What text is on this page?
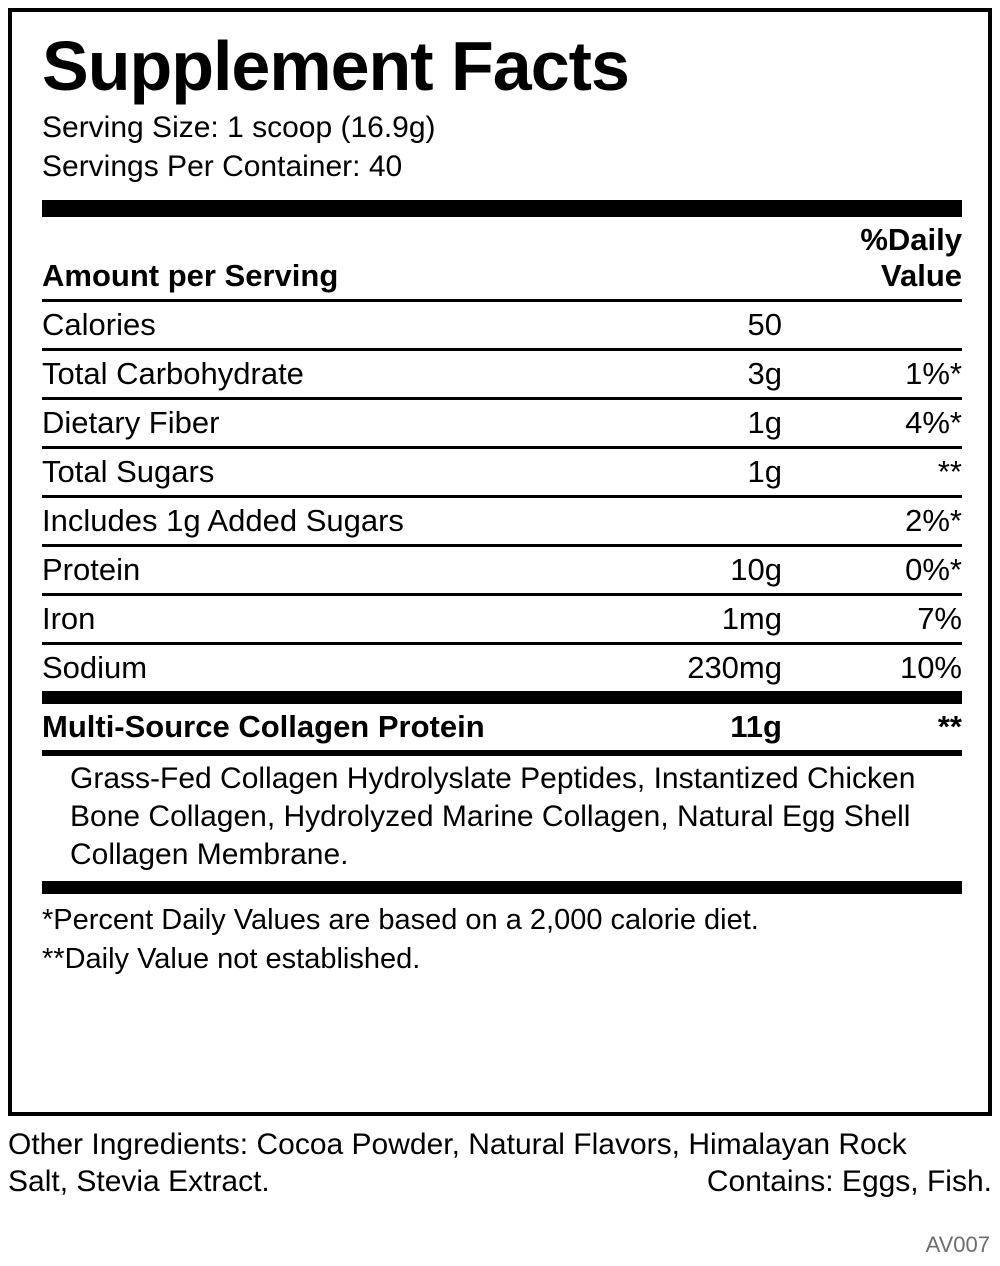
Supplement Facts

Serving Size: 1 scoop (16.9g)

Servings Per Container: 40

Amount per Serving		%Daily Value
Calories	50	
Total Carbohydrate	3g	1%*
Dietary Fiber	1g	4%*
Total Sugars	1g	**
Includes 1g Added Sugars		2%*
Protein	10g	0%*
Iron	1mg	7%
Sodium	230mg	10%
Multi-Source Collagen Protein	11g	**
Grass-Fed Collagen Hydrolyslate Peptides, Instantized Chicken Bone Collagen, Hydrolyzed Marine Collagen, Natural Egg Shell Collagen Membrane.
*Percent Daily Values are based on a 2,000 calorie diet.
**Daily Value not established.
Other Ingredients: Cocoa Powder, Natural Flavors, Himalayan Rock
Salt, Stevia Extract.	Contains: Eggs, Fish.
AV007
